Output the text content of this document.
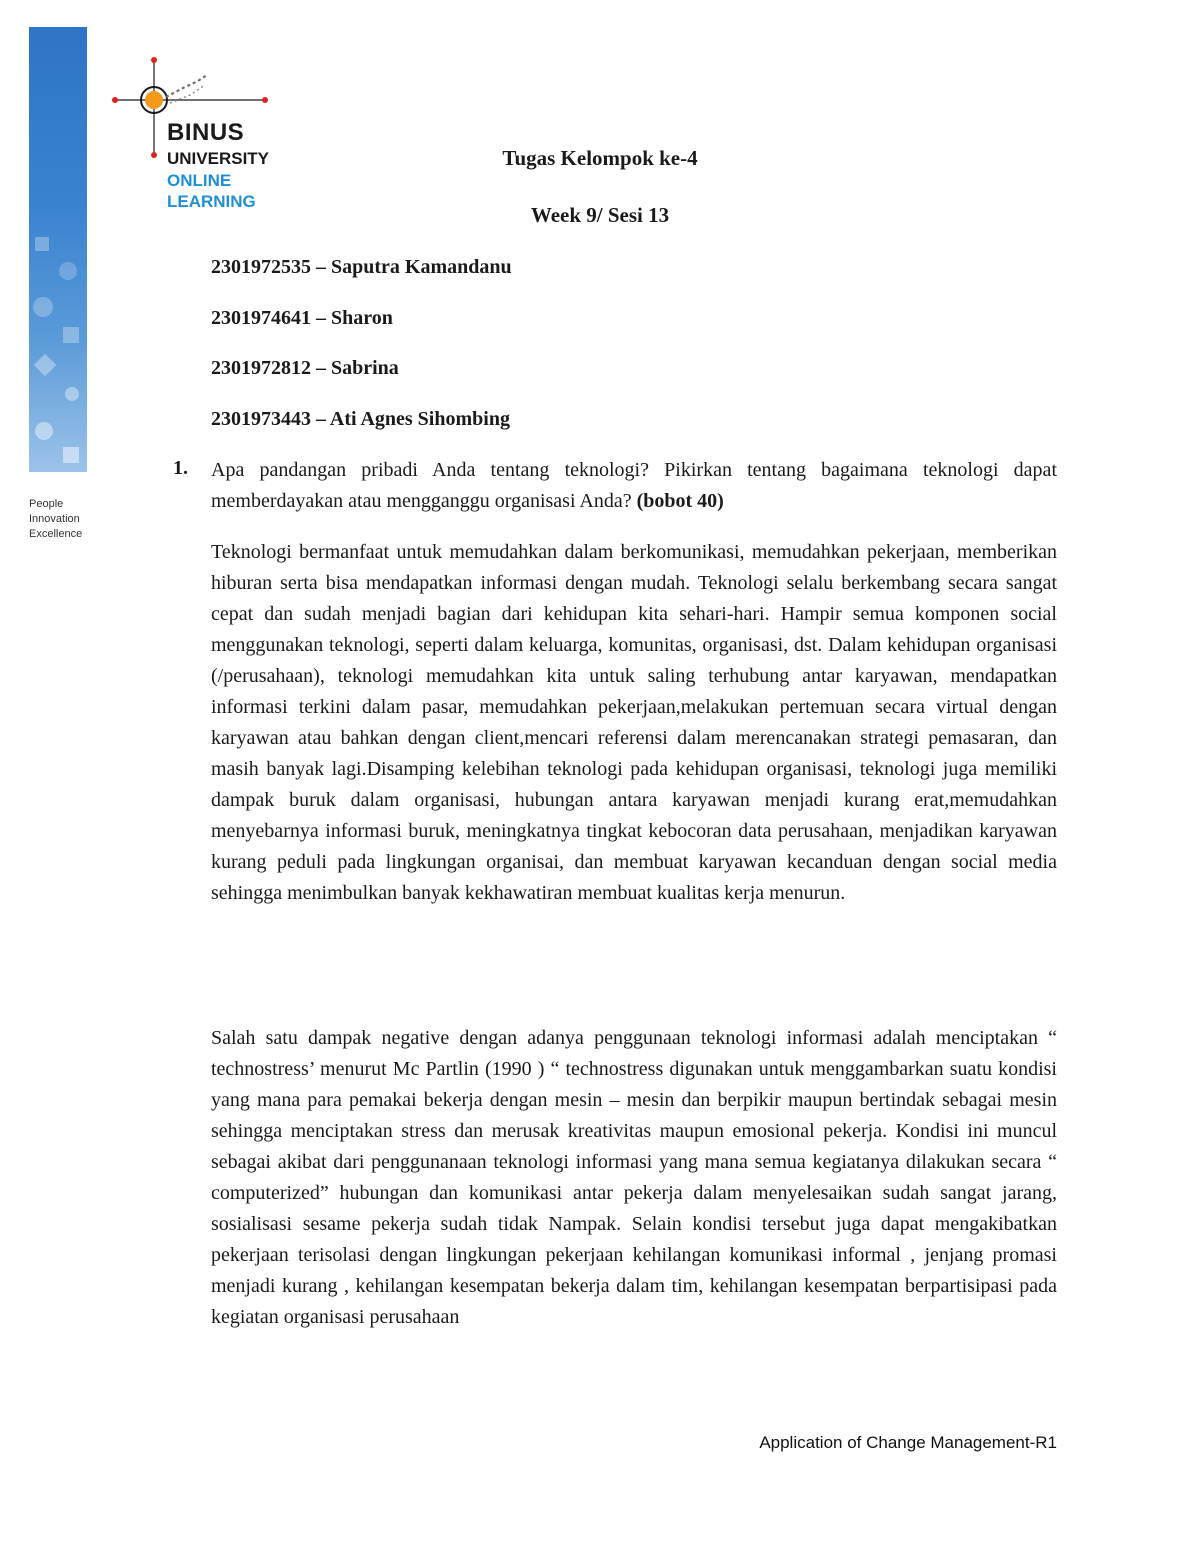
People
Innovation
Excellence
BINUS
UNIVERSITY
ONLINE
LEARNING
Tugas Kelompok ke-4
Week 9/ Sesi 13
2301972535 – Saputra Kamandanu
2301974641 – Sharon
2301972812 – Sabrina
2301973443 – Ati Agnes Sihombing
1. Apa pandangan pribadi Anda tentang teknologi? Pikirkan tentang bagaimana teknologi dapat memberdayakan atau mengganggu organisasi Anda? (bobot 40)

Teknologi bermanfaat untuk memudahkan dalam berkomunikasi, memudahkan pekerjaan, memberikan hiburan serta bisa mendapatkan informasi dengan mudah. Teknologi selalu berkembang secara sangat cepat dan sudah menjadi bagian dari kehidupan kita sehari-hari. Hampir semua komponen social menggunakan teknologi, seperti dalam keluarga, komunitas, organisasi, dst. Dalam kehidupan organisasi (/perusahaan), teknologi memudahkan kita untuk saling terhubung antar karyawan, mendapatkan informasi terkini dalam pasar, memudahkan pekerjaan,melakukan pertemuan secara virtual dengan karyawan atau bahkan dengan client,mencari referensi dalam merencanakan strategi pemasaran, dan masih banyak lagi.Disamping kelebihan teknologi pada kehidupan organisasi, teknologi juga memiliki dampak buruk dalam organisasi, hubungan antara karyawan menjadi kurang erat,memudahkan menyebarnya informasi buruk, meningkatnya tingkat kebocoran data perusahaan, menjadikan karyawan kurang peduli pada lingkungan organisai, dan membuat karyawan kecanduan dengan social media sehingga menimbulkan banyak kekhawatiran membuat kualitas kerja menurun.

Salah satu dampak negative dengan adanya penggunaan teknologi informasi adalah menciptakan “ technostress’ menurut Mc Partlin (1990 ) “ technostress digunakan untuk menggambarkan suatu kondisi yang mana para pemakai bekerja dengan mesin – mesin dan berpikir maupun bertindak sebagai mesin sehingga menciptakan stress dan merusak kreativitas maupun emosional pekerja. Kondisi ini muncul sebagai akibat dari penggunanaan teknologi informasi yang mana semua kegiatanya dilakukan secara “ computerized” hubungan dan komunikasi antar pekerja dalam menyelesaikan sudah sangat jarang, sosialisasi sesame pekerja sudah tidak Nampak. Selain kondisi tersebut juga dapat mengakibatkan pekerjaan terisolasi dengan lingkungan pekerjaan kehilangan komunikasi informal , jenjang promasi menjadi kurang , kehilangan kesempatan bekerja dalam tim, kehilangan kesempatan berpartisipasi pada kegiatan organisasi perusahaan

Application of Change Management-R1
